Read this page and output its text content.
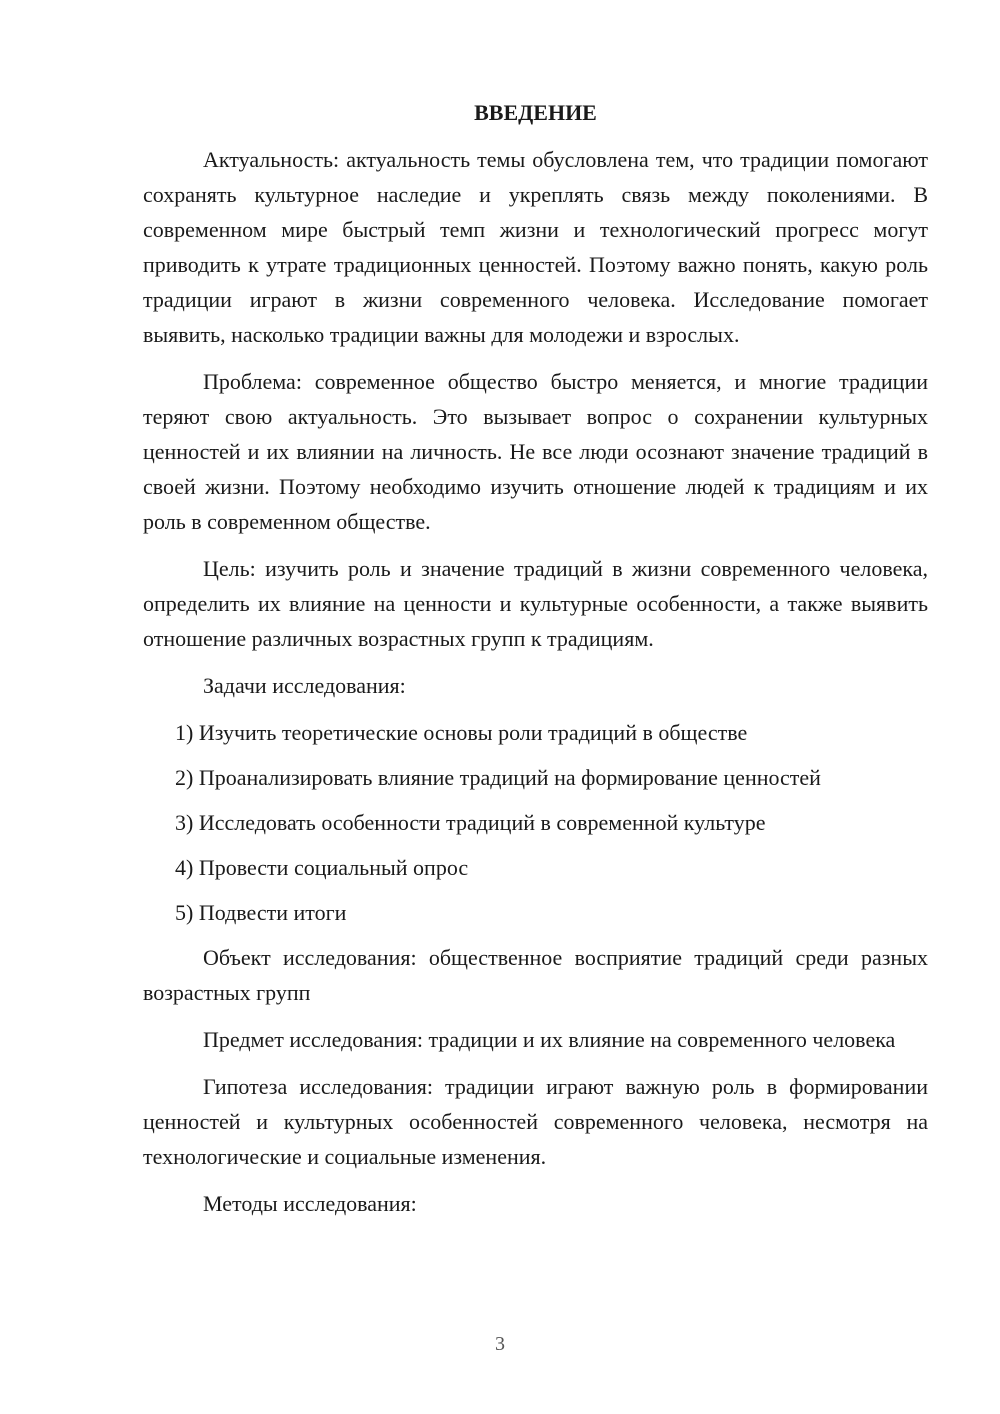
ВВЕДЕНИЕ

Актуальность: актуальность темы обусловлена тем, что традиции помогают сохранять культурное наследие и укреплять связь между поколениями. В современном мире быстрый темп жизни и технологический прогресс могут приводить к утрате традиционных ценностей. Поэтому важно понять, какую роль традиции играют в жизни современного человека. Исследование помогает выявить, насколько традиции важны для молодежи и взрослых.

Проблема: современное общество быстро меняется, и многие традиции теряют свою актуальность. Это вызывает вопрос о сохранении культурных ценностей и их влиянии на личность. Не все люди осознают значение традиций в своей жизни. Поэтому необходимо изучить отношение людей к традициям и их роль в современном обществе.

Цель: изучить роль и значение традиций в жизни современного человека, определить их влияние на ценности и культурные особенности, а также выявить отношение различных возрастных групп к традициям.

Задачи исследования:

1) Изучить теоретические основы роли традиций в обществе

2) Проанализировать влияние традиций на формирование ценностей

3) Исследовать особенности традиций в современной культуре

4) Провести социальный опрос

5) Подвести итоги

Объект исследования: общественное восприятие традиций среди разных возрастных групп

Предмет исследования: традиции и их влияние на современного человека

Гипотеза исследования: традиции играют важную роль в формировании ценностей и культурных особенностей современного человека, несмотря на технологические и социальные изменения.

Методы исследования:

3
